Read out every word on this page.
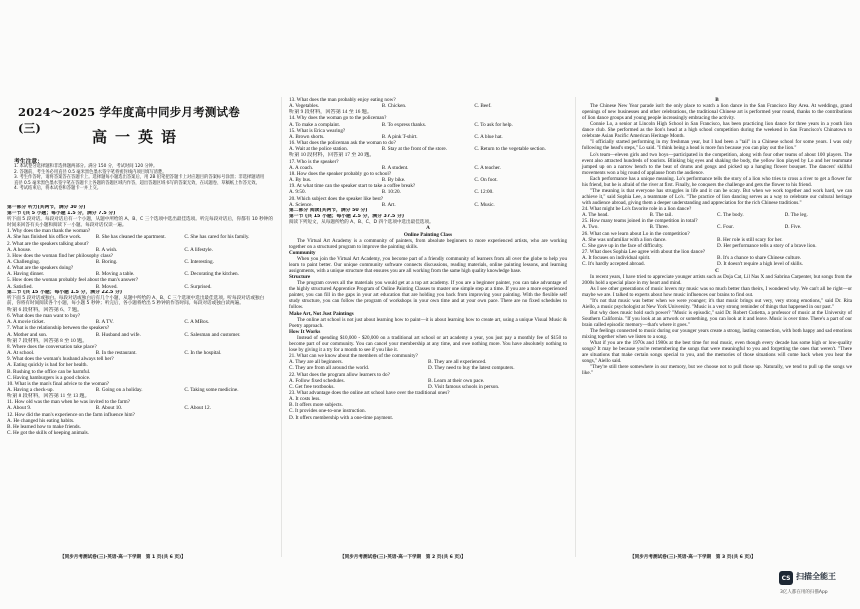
2024～2025 学年度高中同步月考测试卷(三)	高一英语
考生注意：
1. 本试卷分选择题和非选择题两部分。满分 150 分，考试时间 120 分钟。
2. 答题前，考生务必用直径 0.5 毫米黑色墨水签字笔将密封线内项目填写清楚。
3. 考生作答时，请将答案答在答题卡上。选择题每小题选出答案后，用 2B 铅笔把答题卡上对应题目的答案标号涂黑；非选择题请用直径 0.5 毫米黑色墨水签字笔在答题卡上各题的答题区域内作答，超出答题区域书写的答案无效，在试题卷、草稿纸上作答无效。
4. 考试结束后，将本试卷和答题卡一并上交。
第一部分 听力(共两节，满分 30 分)
第一节 (共 5 小题；每小题 1.5 分，满分 7.5 分)
听下面 5 段对话。每段对话后有一个小题，从题中所给的 A、B、C 三个选项中选出最佳选项。听完每段对话后，你都有 10 秒钟的时间来回答有关小题和阅读下一小题。每段对话仅读一遍。
1. Why does the man thank the woman?
A. She has finished his office work.	B. She has cleaned the apartment.	C. She has cared for his family.
2. What are the speakers talking about?
A. A house.	B. A wish.	C. A lifestyle.
3. How does the woman find her philosophy class?
A. Challenging.	B. Boring.	C. Interesting.
4. What are the speakers doing?
A. Having dinner.	B. Moving a table.	C. Decorating the kitchen.
5. How does the woman probably feel about the man's answer?
A. Satisfied.	B. Moved.	C. Surprised.
第二节 (共 15 小题；每小题 1.5 分，满分 22.5 分)
听下面 5 段对话或独白。每段对话或独白后有几个小题，从题中所给的 A、B、C 三个选项中选出最佳选项。听每段对话或独白前，你将有时间阅读各个小题，每小题 5 秒钟；听完后，各小题将给出 5 秒钟的作答时间。每段对话或独白读两遍。
听第 6 段材料，回答第 6、7 题。
6. What does the man want to buy?
A. A movie ticket.	B. A TV.	C. A MBox.
7. What is the relationship between the speakers?
A. Mother and son.	B. Husband and wife.	C. Salesman and customer.
听第 7 段材料，回答第 8 至 10 题。
8. Where does the conversation take place?
A. At school.	B. In the restaurant.	C. In the hospital.
9. What does the woman's husband always tell her?
A. Eating quickly is bad for her health.
B. Rushing to the office can be harmful.
C. Having hamburgers is a good choice.
10. What is the man's final advice to the woman?
A. Having a check-up.	B. Going on a holiday.	C. Taking some medicine.
听第 8 段材料，回答第 11 至 13 题。
11. How old was the man when he was invited to the farm?
A. About 9.	B. About 10.	C. About 12.
12. How did the man's experience on the farm influence him?
A. He changed his eating habits.
B. He learned how to make friends.
C. He got the skills of keeping animals.
13. What does the man probably enjoy eating now?
A. Vegetables.	B. Chicken.	C. Beef.
听第 9 段材料，回答第 14 至 16 题。
14. Why does the woman go to the policeman?
A. To make a complaint.	B. To express thanks.	C. To ask for help.
15. What is Erica wearing?
A. Brown shorts.	B. A pink T-shirt.	C. A blue hat.
16. What does the policeman ask the woman to do?
A. Wait at the police station.	B. Stay at the front of the store.	C. Return to the vegetable section.
听第 10 段材料，回答第 17 至 20 题。
17. Who is the speaker?
A. A coach.	B. A student.	C. A teacher.
18. How does the speaker probably go to school?
A. By bus.	B. By bike.	C. On foot.
19. At what time can the speaker start to take a coffee break?
A. 9:50.	B. 10:20.	C. 12:00.
20. Which subject does the speaker like best?
A. Science.	B. Art.	C. Music.
第二部分 阅读(共两节，满分 50 分)
第一节 (共 15 小题；每小题 2.5 分，满分 37.5 分)
阅读下列短文，从每题所给的 A、B、C、D 四个选项中选出最佳选项。
A
Online Painting Class
The Virtual Art Academy is a community of painters, from absolute beginners to more experienced artists, who are working together on a structured program to improve the painting skills.
Community
When you join the Virtual Art Academy, you become part of a friendly community of learners from all over the globe to help you learn to paint better. Our unique community software connects discussions, reading materials, online painting lessons, and learning assignments, with a unique structure that ensures you are all working from the same high quality knowledge base.
Structure
The program covers all the materials you would get at a top art academy. If you are a beginner painter, you can take advantage of the highly structured Apprentice Program of Online Painting Classes to master one simple step at a time. If you are a more experienced painter, you can fill in the gaps in your art education that are holding you back from improving your painting. With the flexible self study structure, you can follow the program of workshops in your own time and at your own pace. There are no fixed schedules to follow.
Make Art, Not Just Paintings
The online art school is not just about learning how to paint—it is about learning how to create art, using a unique Visual Music & Poetry approach.
How It Works
Instead of spending $10,000 - $20,000 on a traditional art school or art academy a year, you just pay a monthly fee of $150 to become part of our community. You can cancel your membership at any time, and owe nothing more. You have absolutely nothing to lose by giving it a try for a month to see if you like it.
21. What can we know about the members of the community?
A. They are all beginners.	B. They are all experienced.
C. They are from all around the world.	D. They need to buy the latest computers.
22. What does the program allow learners to do?
A. Follow fixed schedules.	B. Learn at their own pace.
C. Get free textbooks.	D. Visit famous schools in person.
23. What advantage does the online art school have over the traditional ones?
A. It costs less.
B. It offers more subjects.
C. It provides one-to-one instruction.
D. It offers membership with a one-time payment.
B
The Chinese New Year parade isn't the only place to watch a lion dance in the San Francisco Bay Area. At weddings, grand openings of new businesses and other celebrations, the traditional Chinese art is performed year round, thanks to the contributions of lion dance groups and young people increasingly embracing the activity.
Connie Lo, a senior at Lincoln High School in San Francisco, has been practicing lion dance for three years in a youth lion dance club. She performed as the lion's head at a high school competition during the weekend in San Francisco's Chinatown to celebrate Asian Pacific American Heritage Month.
"I officially started performing in my freshman year, but I had been a "tail" in a Chinese school for some years. I was only following the head's steps," Lo said. "I think being a head is more fun because you can play out the lion."
Lo's team—eleven girls and two boys—participated in the competition, along with four other teams of about 100 players. The event also attracted hundreds of tourists. Blinking big eyes and shaking the body, the yellow lion played by Lo and her teammate jumped up on a narrow bench to the beat of drums and gongs and picked up a hanging flower bouquet. The dancers' skillful movements won a big round of applause from the audience.
Each performance has a unique meaning. Lo's performance tells the story of a lion who tries to cross a river to get a flower for his friend, but he is afraid of the river at first. Finally, he conquers the challenge and gets the flower to his friend.
"The meaning is that everyone has struggles in life and it can be scary. But when we work together and work hard, we can achieve it," said Sophia Lee, a teammate of Lo's. "The practice of lion dancing serves as a way to celebrate our cultural heritage with audience abroad, giving them a deeper understanding and appreciation for the rich Chinese traditions."
24. What might be Lo's favorite role in a lion dance?
A. The head.	B. The tail.	C. The body.	D. The leg.
25. How many teams joined in the competition in total?
A. Two.	B. Three.	C. Four.	D. Five.
26. What can we learn about Lo in the competition?
A. She was unfamiliar with a lion dance.	B. Her role is still scary for her.
C. She gave up in the face of difficulty.	D. Her performance tells a story of a brave lion.
27. What does Sophia Lee agree with about the lion dance?
A. It focuses on individual spirit.	B. It's a chance to share Chinese culture.
C. It's hardly accepted abroad.	D. It doesn't require a high level of skills.
C
In recent years, I have tried to appreciate younger artists such as Doja Cat, Lil Nas X and Sabrina Carpenter, but songs from the 2000s hold a special place in my heart and mind.
As I see other generations of music lovers my music was so much better than theirs, I wondered why. We can't all be right—or maybe we are. I talked to experts about how music influences our brains to find out.
"It's not that music was better when we were younger; it's that music brings out very, very strong emotions," said Dr. Rita Aiello, a music psychologist at New York University. "Music is a very strong reminder of things that happened in our past."
But why does music hold such power? "Music is episodic," said Dr. Robert Cutietta, a professor of music at the University of Southern California. "If you look at an artwork or something, you can look at it and leave. Music is over time. There's a part of our brain called episodic memory—that's where it goes."
The feelings connected to music during our younger years create a strong, lasting connection, with both happy and sad emotions mixing together when we listen to a song.
What if you are the 1970s and 1980s at the best time for real music, even though every decade has some high or low-quality songs? It may be because you're remembering the songs that were meaningful to you and forgetting the ones that weren't. "There are situations that make certain songs special to you, and the memories of those situations will come back when you hear the songs," Aiello said.
"They're still there somewhere in our memory, but we choose not to pull those up. Naturally, we tend to pull up the songs we like."
【同步月考测试卷(三)·英语·高一下学期　第 1 页(共 6 页)】	【同步月考测试卷(三)·英语·高一下学期　第 2 页(共 6 页)】	【同步月考测试卷(三)·英语·高一下学期　第 3 页(共 6 页)】
CS 扫描全能王
3亿人都在用的扫描App
